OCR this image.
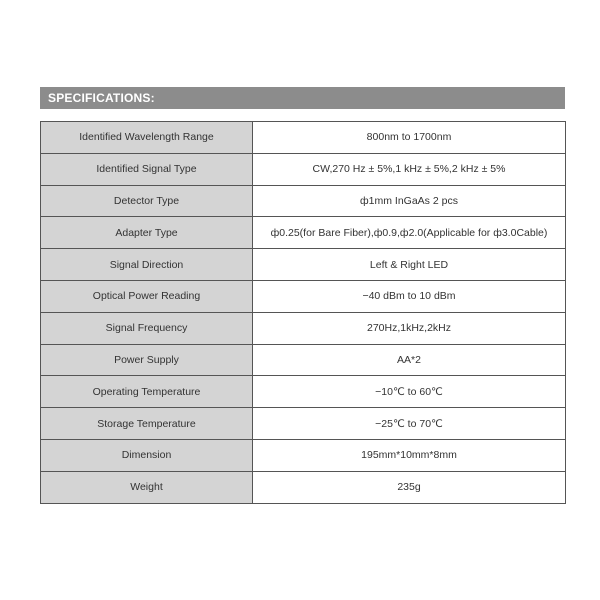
SPECIFICATIONS:
Identified Wavelength Range	800nm to 1700nm
Identified Signal Type	CW,270 Hz ± 5%,1 kHz ± 5%,2 kHz ± 5%
Detector Type	ф1mm InGaAs 2 pcs
Adapter Type	ф0.25(for Bare Fiber),ф0.9,ф2.0(Applicable for ф3.0Cable)
Signal Direction	Left & Right LED
Optical Power Reading	−40 dBm to 10 dBm
Signal Frequency	270Hz,1kHz,2kHz
Power Supply	AA*2
Operating Temperature	−10℃ to 60℃
Storage Temperature	−25℃ to 70℃
Dimension	195mm*10mm*8mm
Weight	235g
